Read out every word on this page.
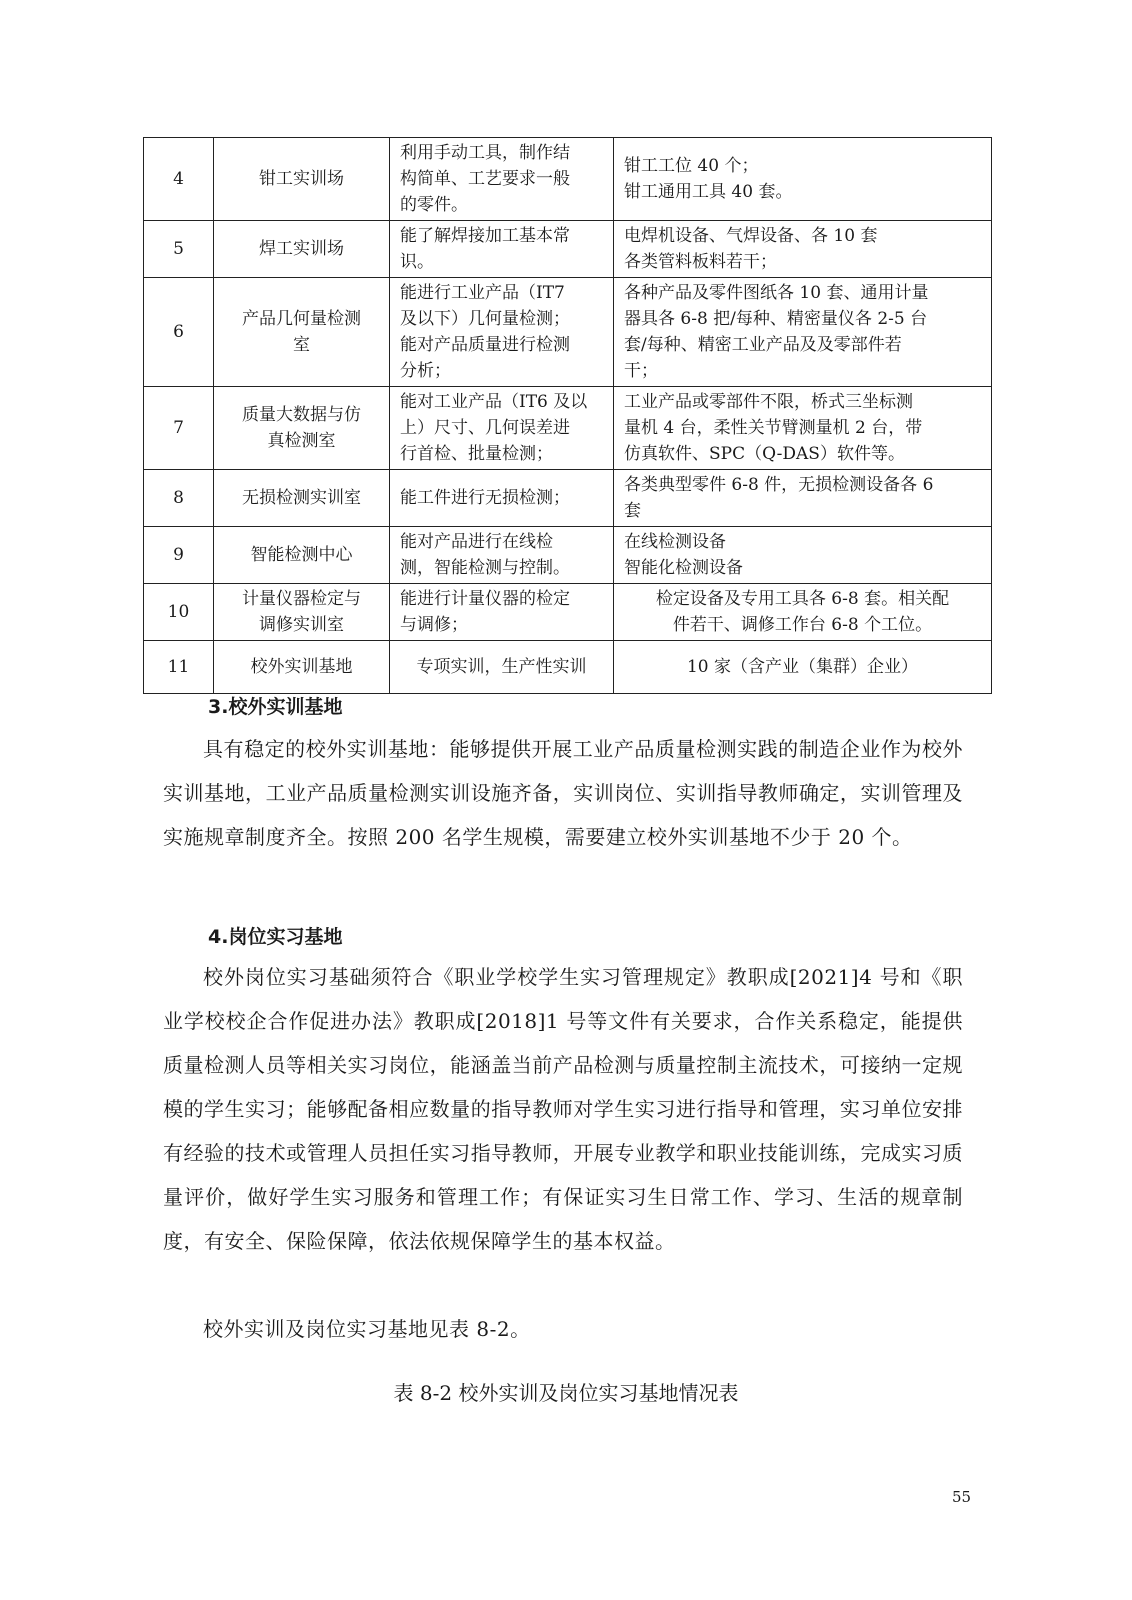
4	钳工实训场	利用手动工具，制作结
构简单、工艺要求一般
的零件。	钳工工位 40 个；
钳工通用工具 40 套。
5	焊工实训场	能了解焊接加工基本常
识。	电焊机设备、气焊设备、各 10 套
各类管料板料若干；
6	产品几何量检测
室	能进行工业产品（IT7
及以下）几何量检测；
能对产品质量进行检测
分析；	各种产品及零件图纸各 10 套、通用计量
器具各 6-8 把/每种、精密量仪各 2-5 台
套/每种、精密工业产品及及零部件若
干；
7	质量大数据与仿
真检测室	能对工业产品（IT6 及以
上）尺寸、几何误差进
行首检、批量检测；	工业产品或零部件不限，桥式三坐标测
量机 4 台，柔性关节臂测量机 2 台，带
仿真软件、SPC（Q-DAS）软件等。
8	无损检测实训室	能工件进行无损检测；	各类典型零件 6-8 件，无损检测设备各 6
套
9	智能检测中心	能对产品进行在线检
测，智能检测与控制。	在线检测设备
智能化检测设备
10	计量仪器检定与
调修实训室	能进行计量仪器的检定
与调修；	检定设备及专用工具各 6-8 套。相关配
件若干、调修工作台 6-8 个工位。
11	校外实训基地	专项实训，生产性实训	10 家（含产业（集群）企业）
3.校外实训基地
具有稳定的校外实训基地：能够提供开展工业产品质量检测实践的制造企业作为校外实训基地，工业产品质量检测实训设施齐备，实训岗位、实训指导教师确定，实训管理及实施规章制度齐全。按照 200 名学生规模，需要建立校外实训基地不少于 20 个。
4.岗位实习基地
校外岗位实习基础须符合《职业学校学生实习管理规定》教职成[2021]4 号和《职业学校校企合作促进办法》教职成[2018]1 号等文件有关要求，合作关系稳定，能提供质量检测人员等相关实习岗位，能涵盖当前产品检测与质量控制主流技术，可接纳一定规模的学生实习；能够配备相应数量的指导教师对学生实习进行指导和管理，实习单位安排有经验的技术或管理人员担任实习指导教师，开展专业教学和职业技能训练，完成实习质量评价，做好学生实习服务和管理工作；有保证实习生日常工作、学习、生活的规章制度，有安全、保险保障，依法依规保障学生的基本权益。
校外实训及岗位实习基地见表 8-2。
表 8-2 校外实训及岗位实习基地情况表
55
